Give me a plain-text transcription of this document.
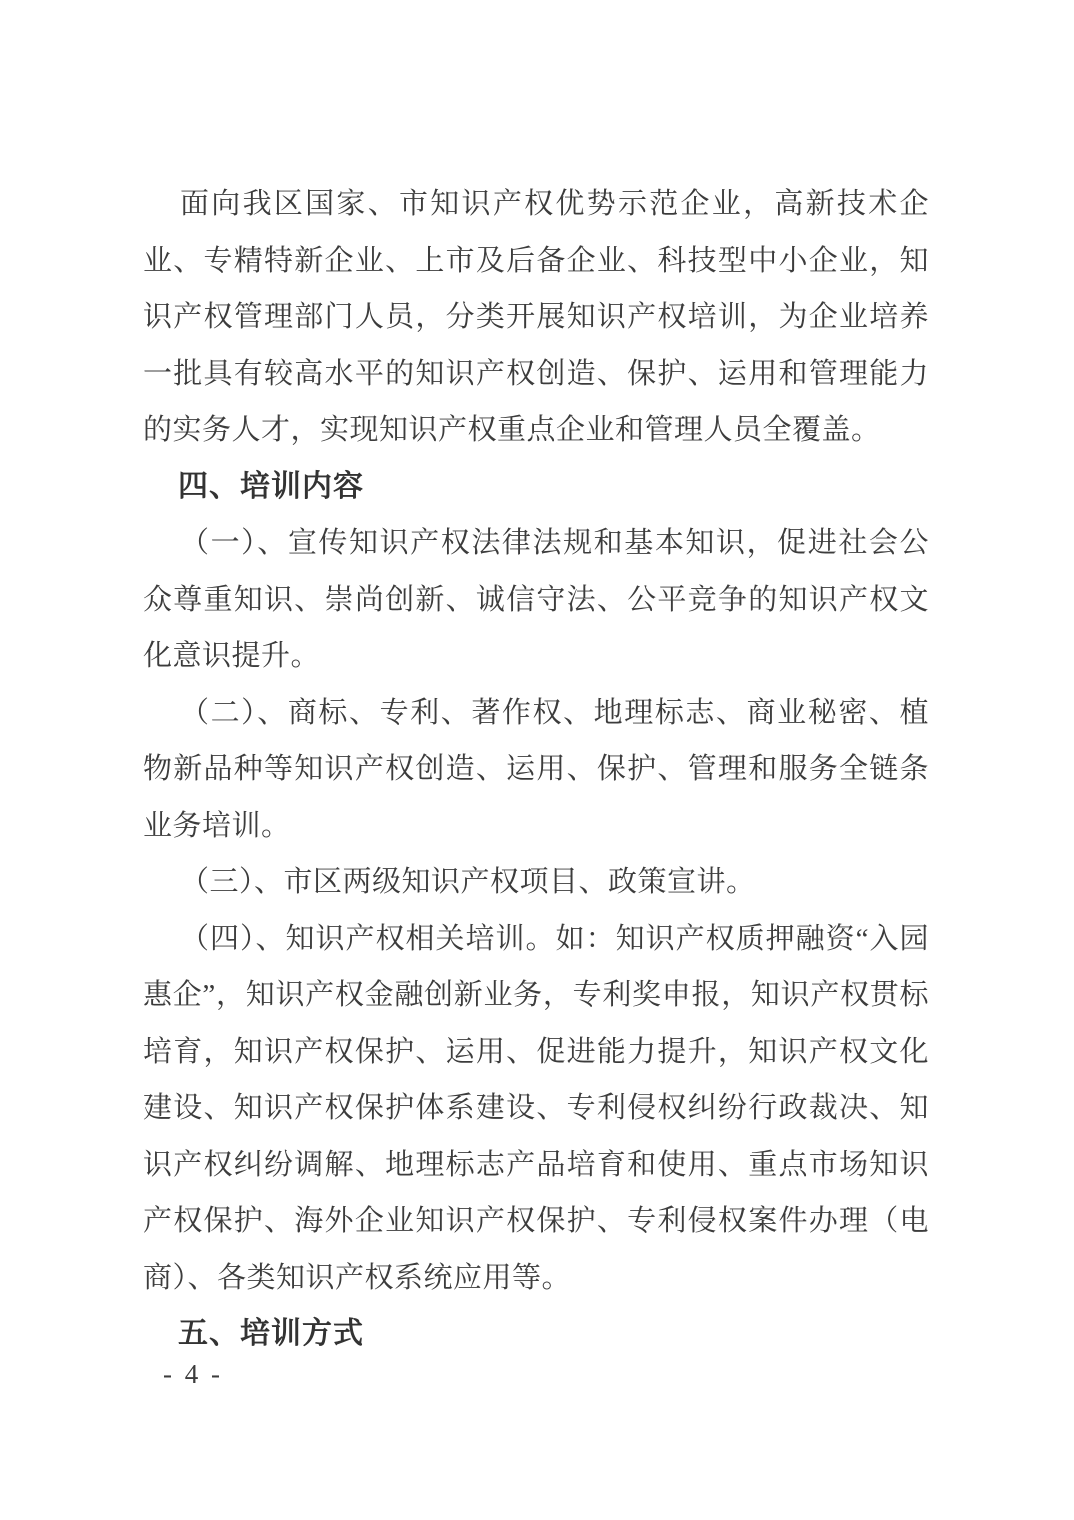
面向我区国家、市知识产权优势示范企业，高新技术企业、专精特新企业、上市及后备企业、科技型中小企业，知识产权管理部门人员，分类开展知识产权培训，为企业培养一批具有较高水平的知识产权创造、保护、运用和管理能力的实务人才，实现知识产权重点企业和管理人员全覆盖。

四、培训内容

（一）、宣传知识产权法律法规和基本知识，促进社会公众尊重知识、崇尚创新、诚信守法、公平竞争的知识产权文化意识提升。

（二）、商标、专利、著作权、地理标志、商业秘密、植物新品种等知识产权创造、运用、保护、管理和服务全链条业务培训。

（三）、市区两级知识产权项目、政策宣讲。

（四）、知识产权相关培训。如：知识产权质押融资“入园惠企”，知识产权金融创新业务，专利奖申报，知识产权贯标培育，知识产权保护、运用、促进能力提升，知识产权文化建设、知识产权保护体系建设、专利侵权纠纷行政裁决、知识产权纠纷调解、地理标志产品培育和使用、重点市场知识产权保护、海外企业知识产权保护、专利侵权案件办理（电商）、各类知识产权系统应用等。

五、培训方式
- 4 -
